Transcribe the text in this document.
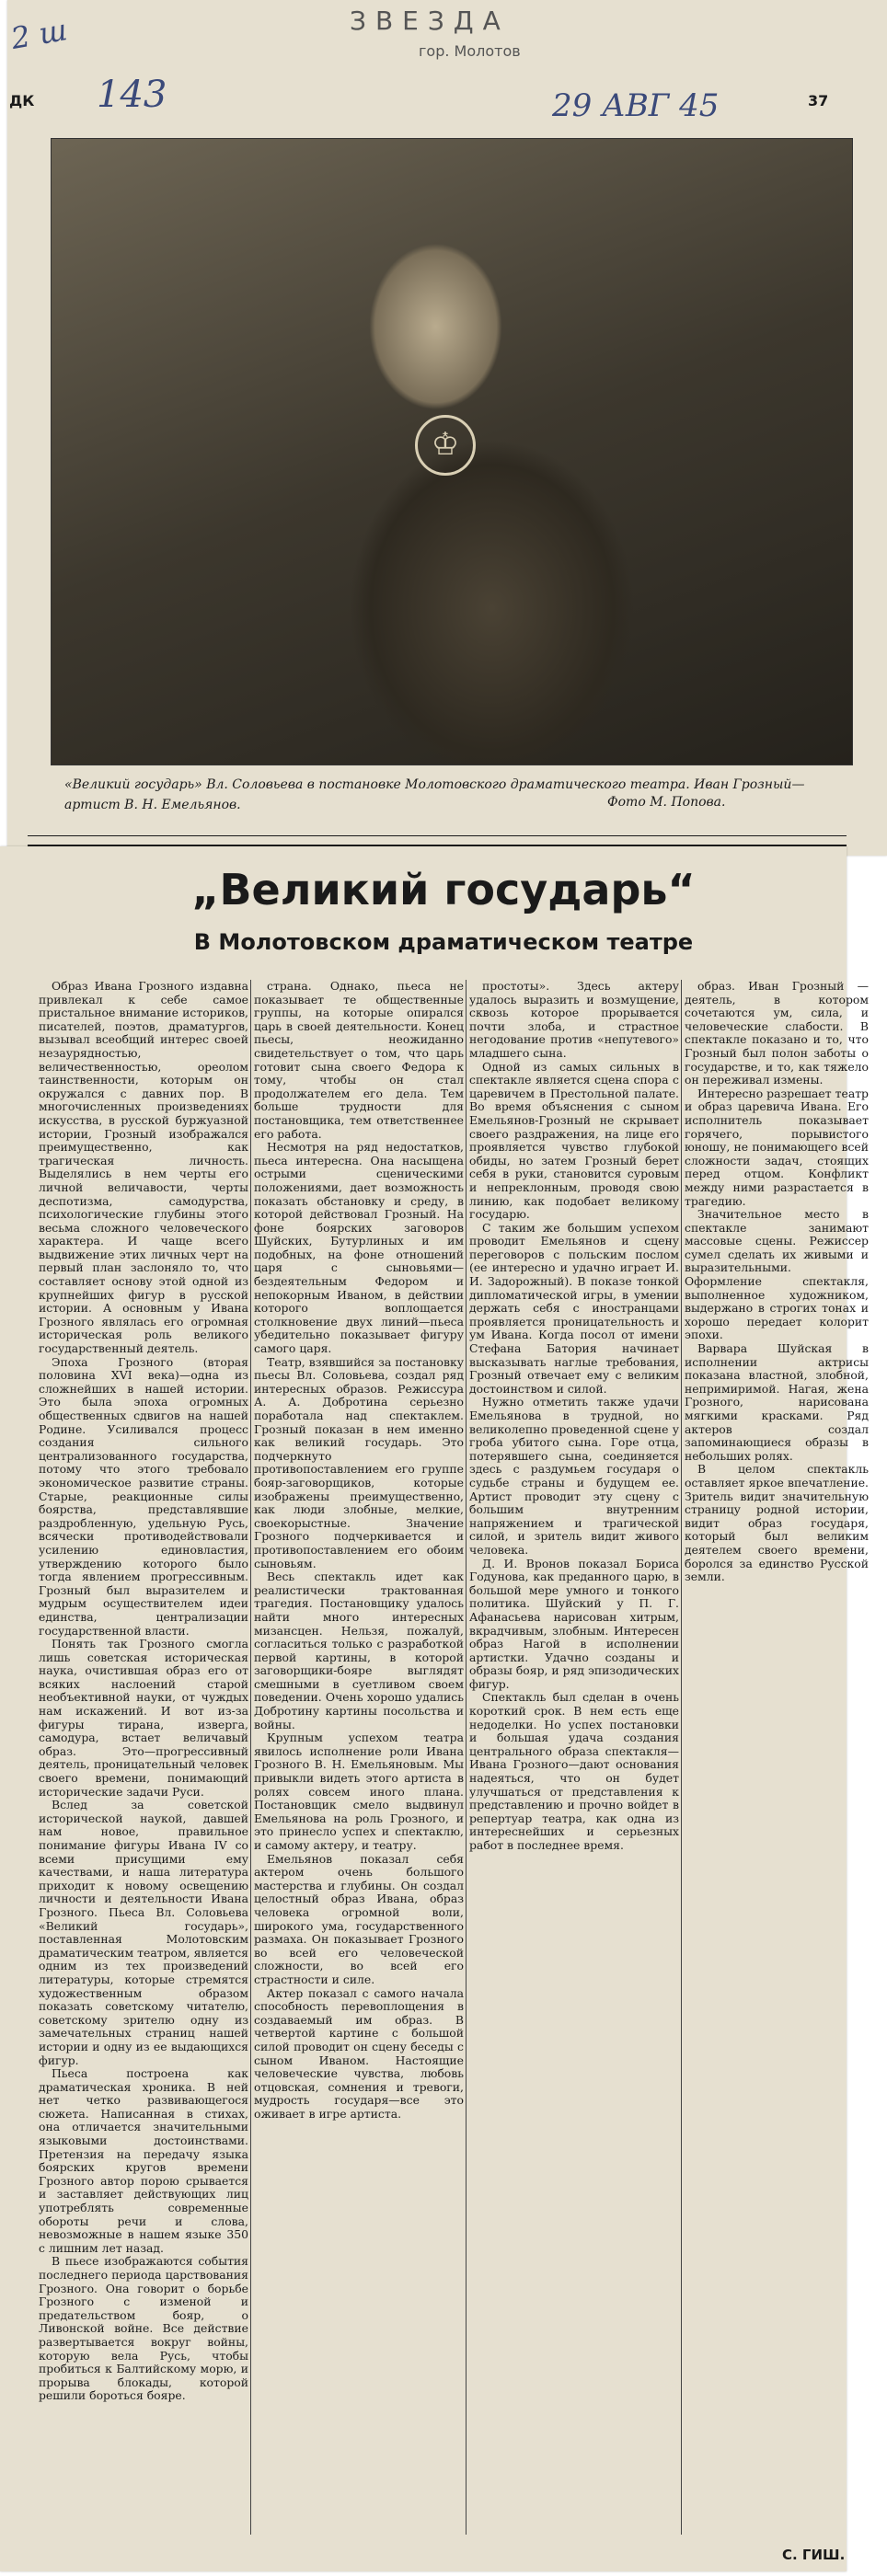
ЗВЕЗДА
гор. Молотов
2 ш
143	29 АВГ 45
ДК	37
♔
«Великий государь» Вл. Соловьева в постановке Молотовского драматического театра. Иван Грозный—артист В. Н. Емельянов.	Фото М. Попова.
„Великий государь“
В Молотовском драматическом театре

Образ Ивана Грозного издавна привлекал к себе самое пристальное внимание историков, писателей, поэтов, драматургов, вызывал всеобщий интерес своей незаурядностью, величественностью, ореолом таинственности, которым он окружался с давних пор. В многочисленных произведениях искусства, в русской буржуазной истории, Грозный изображался преимущественно, как трагическая личность. Выделялись в нем черты его личной величавости, черты деспотизма, самодурства, психологические глубины этого весьма сложного человеческого характера. И чаще всего выдвижение этих личных черт на первый план заслоняло то, что составляет основу этой одной из крупнейших фигур в русской истории. А основным у Ивана Грозного являлась его огромная историческая роль великого государственный деятель.

Эпоха Грозного (вторая половина XVI века)—одна из сложнейших в нашей истории. Это была эпоха огромных общественных сдвигов на нашей Родине. Усиливался процесс создания сильного централизованного государства, потому что этого требовало экономическое развитие страны. Старые, реакционные силы боярства, представлявшие раздробленную, удельную Русь, всячески противодействовали усилению единовластия, утверждению которого было тогда явлением прогрессивным. Грозный был выразителем и мудрым осуществителем идеи единства, централизации государственной власти.

Понять так Грозного смогла лишь советская историческая наука, очистившая образ его от всяких наслоений старой необъективной науки, от чуждых нам искажений. И вот из-за фигуры тирана, изверга, самодура, встает величавый образ. Это—прогрессивный деятель, проницательный человек своего времени, понимающий исторические задачи Руси.

Вслед за советской исторической наукой, давшей нам новое, правильное понимание фигуры Ивана IV со всеми присущими ему качествами, и наша литература приходит к новому освещению личности и деятельности Ивана Грозного. Пьеса Вл. Соловьева «Великий государь», поставленная Молотовским драматическим театром, является одним из тех произведений литературы, которые стремятся художественным образом показать советскому читателю, советскому зрителю одну из замечательных страниц нашей истории и одну из ее выдающихся фигур.

Пьеса построена как драматическая хроника. В ней нет четко развивающегося сюжета. Написанная в стихах, она отличается значительными языковыми достоинствами. Претензия на передачу языка боярских кругов времени Грозного автор порою срывается и заставляет действующих лиц употреблять современные обороты речи и слова, невозможные в нашем языке 350 с лишним лет назад.

В пьесе изображаются события последнего периода царствования Грозного. Она говорит о борьбе Грозного с изменой и предательством бояр, о Ливонской войне. Все действие развертывается вокруг войны, которую вела Русь, чтобы пробиться к Балтийскому морю, и прорыва блокады, которой решили бороться бояре.

страна. Однако, пьеса не показывает те общественные группы, на которые опирался царь в своей деятельности. Конец пьесы, неожиданно свидетельствует о том, что царь готовит сына своего Федора к тому, чтобы он стал продолжателем его дела. Тем больше трудности для постановщика, тем ответственнее его работа.

Несмотря на ряд недостатков, пьеса интересна. Она насыщена острыми сценическими положениями, дает возможность показать обстановку и среду, в которой действовал Грозный. На фоне боярских заговоров Шуйских, Бутурлиных и им подобных, на фоне отношений царя с сыновьями—бездеятельным Федором и непокорным Иваном, в действии которого воплощается столкновение двух линий—пьеса убедительно показывает фигуру самого царя.

Театр, взявшийся за постановку пьесы Вл. Соловьева, создал ряд интересных образов. Режиссура А. А. Добротина серьезно поработала над спектаклем. Грозный показан в нем именно как великий государь. Это подчеркнуто противопоставлением его группе бояр-заговорщиков, которые изображены преимущественно, как люди злобные, мелкие, своекорыстные. Значение Грозного подчеркивается и противопоставлением его обоим сыновьям.

Весь спектакль идет как реалистически трактованная трагедия. Постановщику удалось найти много интересных мизансцен. Нельзя, пожалуй, согласиться только с разработкой первой картины, в которой заговорщики-бояре выглядят смешными в суетливом своем поведении. Очень хорошо удались Добротину картины посольства и войны.

Крупным успехом театра явилось исполнение роли Ивана Грозного В. Н. Емельяновым. Мы привыкли видеть этого артиста в ролях совсем иного плана. Постановщик смело выдвинул Емельянова на роль Грозного, и это принесло успех и спектаклю, и самому актеру, и театру.

Емельянов показал себя актером очень большого мастерства и глубины. Он создал целостный образ Ивана, образ человека огромной воли, широкого ума, государственного размаха. Он показывает Грозного во всей его человеческой сложности, во всей его страстности и силе.

Актер показал с самого начала способность перевоплощения в создаваемый им образ. В четвертой картине с большой силой проводит он сцену беседы с сыном Иваном. Настоящие человеческие чувства, любовь отцовская, сомнения и тревоги, мудрость государя—все это оживает в игре артиста.

простоты». Здесь актеру удалось выразить и возмущение, сквозь которое прорывается почти злоба, и страстное негодование против «непутевого» младшего сына.

Одной из самых сильных в спектакле является сцена спора с царевичем в Престольной палате. Во время объяснения с сыном Емельянов-Грозный не скрывает своего раздражения, на лице его проявляется чувство глубокой обиды, но затем Грозный берет себя в руки, становится суровым и непреклонным, проводя свою линию, как подобает великому государю.

С таким же большим успехом проводит Емельянов и сцену переговоров с польским послом (ее интересно и удачно играет И. И. Задорожный). В показе тонкой дипломатической игры, в умении держать себя с иностранцами проявляется проницательность и ум Ивана. Когда посол от имени Стефана Батория начинает высказывать наглые требования, Грозный отвечает ему с великим достоинством и силой.

Нужно отметить также удачи Емельянова в трудной, но великолепно проведенной сцене у гроба убитого сына. Горе отца, потерявшего сына, соединяется здесь с раздумьем государя о судьбе страны и будущем ее. Артист проводит эту сцену с большим внутренним напряжением и трагической силой, и зритель видит живого человека.

Д. И. Вронов показал Бориса Годунова, как преданного царю, в большой мере умного и тонкого политика. Шуйский у П. Г. Афанасьева нарисован хитрым, вкрадчивым, злобным. Интересен образ Нагой в исполнении артистки. Удачно созданы и образы бояр, и ряд эпизодических фигур.

Спектакль был сделан в очень короткий срок. В нем есть еще недоделки. Но успех постановки и большая удача создания центрального образа спектакля—Ивана Грозного—дают основания надеяться, что он будет улучшаться от представления к представлению и прочно войдет в репертуар театра, как одна из интереснейших и серьезных работ в последнее время.

образ. Иван Грозный — деятель, в котором сочетаются ум, сила, и человеческие слабости. В спектакле показано и то, что Грозный был полон заботы о государстве, и то, как тяжело он переживал измены.

Интересно разрешает театр и образ царевича Ивана. Его исполнитель показывает горячего, порывистого юношу, не понимающего всей сложности задач, стоящих перед отцом. Конфликт между ними разрастается в трагедию.

Значительное место в спектакле занимают массовые сцены. Режиссер сумел сделать их живыми и выразительными. Оформление спектакля, выполненное художником, выдержано в строгих тонах и хорошо передает колорит эпохи.

Варвара Шуйская в исполнении актрисы показана властной, злобной, непримиримой. Нагая, жена Грозного, нарисована мягкими красками. Ряд актеров создал запоминающиеся образы в небольших ролях.

В целом спектакль оставляет яркое впечатление. Зритель видит значительную страницу родной истории, видит образ государя, который был великим деятелем своего времени, боролся за единство Русской земли.

С. ГИШ.
